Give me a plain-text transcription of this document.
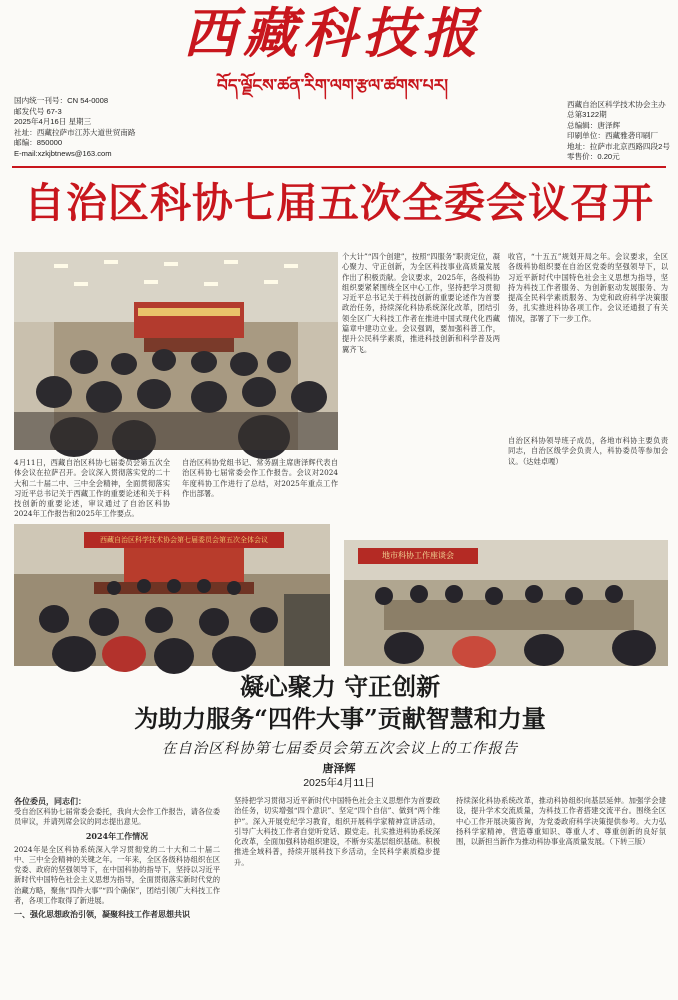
西藏科技报
བོད་ལྗོངས་ཚན་རིག་ལག་རྩལ་ཚགས་པར།
国内统一刊号：CN 54-0008
邮发代号 67-3
2025年4月16日 星期三
社址：西藏拉萨市江苏大道世贸南路
邮编：850000
E-mail:xzkjbtnews@163.com
西藏自治区科学技术协会主办
总第3122期
总编辑：唐泽辉
印刷单位：西藏雅砻印刷厂
地址：拉萨市北京西路四段2号
零售价：0.20元
自治区科协七届五次全委会议召开
4月11日，西藏自治区科协七届委员会第五次全体会议在拉萨召开。会议深入贯彻落实党的二十大和二十届二中、三中全会精神，全面贯彻落实习近平总书记关于西藏工作的重要论述和关于科技创新的重要论述，审议通过了自治区科协2024年工作报告和2025年工作要点。
自治区科协党组书记、常务副主席唐泽辉代表自治区科协七届常委会作工作报告。会议对2024年度科协工作进行了总结，对2025年重点工作作出部署。
个大计”“四个创建”，按照“四服务”职责定位，凝心聚力、守正创新，为全区科技事业高质量发展作出了积极贡献。会议要求，2025年，各级科协组织要紧紧围绕全区中心工作，坚持把学习贯彻习近平总书记关于科技创新的重要论述作为首要政治任务，持续深化科协系统深化改革，团结引领全区广大科技工作者在推进中国式现代化西藏篇章中建功立业。会议强调，要加强科普工作，提升公民科学素质，推进科技创新和科学普及两翼齐飞。
收官，“十五五”规划开局之年。会议要求，全区各级科协组织要在自治区党委的坚强领导下，以习近平新时代中国特色社会主义思想为指导，坚持为科技工作者服务、为创新驱动发展服务、为提高全民科学素质服务、为党和政府科学决策服务，扎实推进科协各项工作。会议还通报了有关情况，部署了下一步工作。
自治区科协领导班子成员，各地市科协主要负责同志，自治区级学会负责人，科协委员等参加会议。（达娃卓嘎）
西藏自治区科学技术协会第七届委员会第五次全体会议
地市科协工作座谈会
凝心聚力 守正创新
为助力服务“四件大事”贡献智慧和力量
在自治区科协第七届委员会第五次会议上的工作报告
唐泽辉
2025年4月11日
各位委员，同志们：
受自治区科协七届常委会委托，我向大会作工作报告，请各位委员审议，并请列席会议的同志提出意见。
2024年工作情况
2024年是全区科协系统深入学习贯彻党的二十大和二十届二中、三中全会精神的关键之年。一年来，全区各级科协组织在区党委、政府的坚强领导下，在中国科协的指导下，坚持以习近平新时代中国特色社会主义思想为指导，全面贯彻落实新时代党的治藏方略，聚焦“四件大事”“四个确保”，团结引领广大科技工作者，各项工作取得了新进展。
一、强化思想政治引领，凝聚科技工作者思想共识
坚持把学习贯彻习近平新时代中国特色社会主义思想作为首要政治任务，切实增强“四个意识”、坚定“四个自信”、做到“两个维护”。深入开展党纪学习教育，组织开展科学家精神宣讲活动，引导广大科技工作者自觉听党话、跟党走。扎实推进科协系统深化改革，全面加强科协组织建设，不断夯实基层组织基础。积极推进全域科普，持续开展科技下乡活动，全民科学素质稳步提升。
持续深化科协系统改革，推动科协组织向基层延伸。加强学会建设，提升学术交流质量，为科技工作者搭建交流平台。围绕全区中心工作开展决策咨询，为党委政府科学决策提供参考。大力弘扬科学家精神，营造尊重知识、尊重人才、尊重创新的良好氛围，以新担当新作为推动科协事业高质量发展。（下转三版）
